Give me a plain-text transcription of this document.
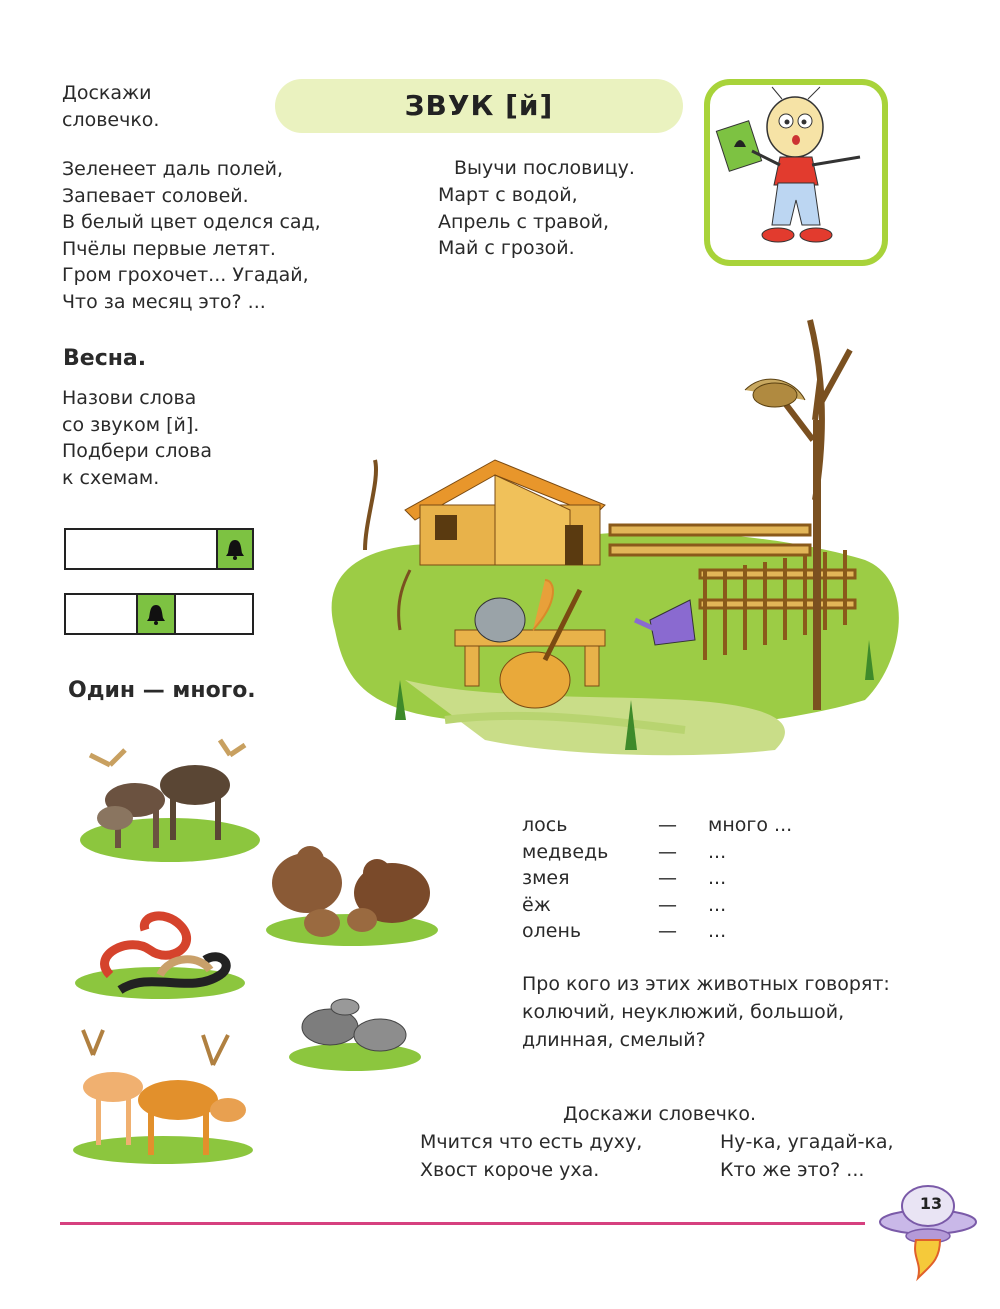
Доскажи
словечко.	ЗВУК [й]
Зеленеет даль полей,
Запевает соловей.
В белый цвет оделся сад,
Пчёлы первые летят.
Гром грохочет... Угадай,
Что за месяц это? ...
Весна.
Выучи пословицу.
Март с водой,
Апрель с травой,
Май с грозой.
Назови слова
со звуком [й].
Подбери слова
к схемам.
Один — много.
лось	— много ...
медведь	— ...
змея	— ...
ёж	— ...
олень	— ...
Про кого из этих животных говорят:
колючий, неуклюжий, большой,
длинная, смелый?
Доскажи словечко.
Мчится что есть духу,
Хвост короче уха.
Ну-ка, угадай-ка,
Кто же это? ...
13
